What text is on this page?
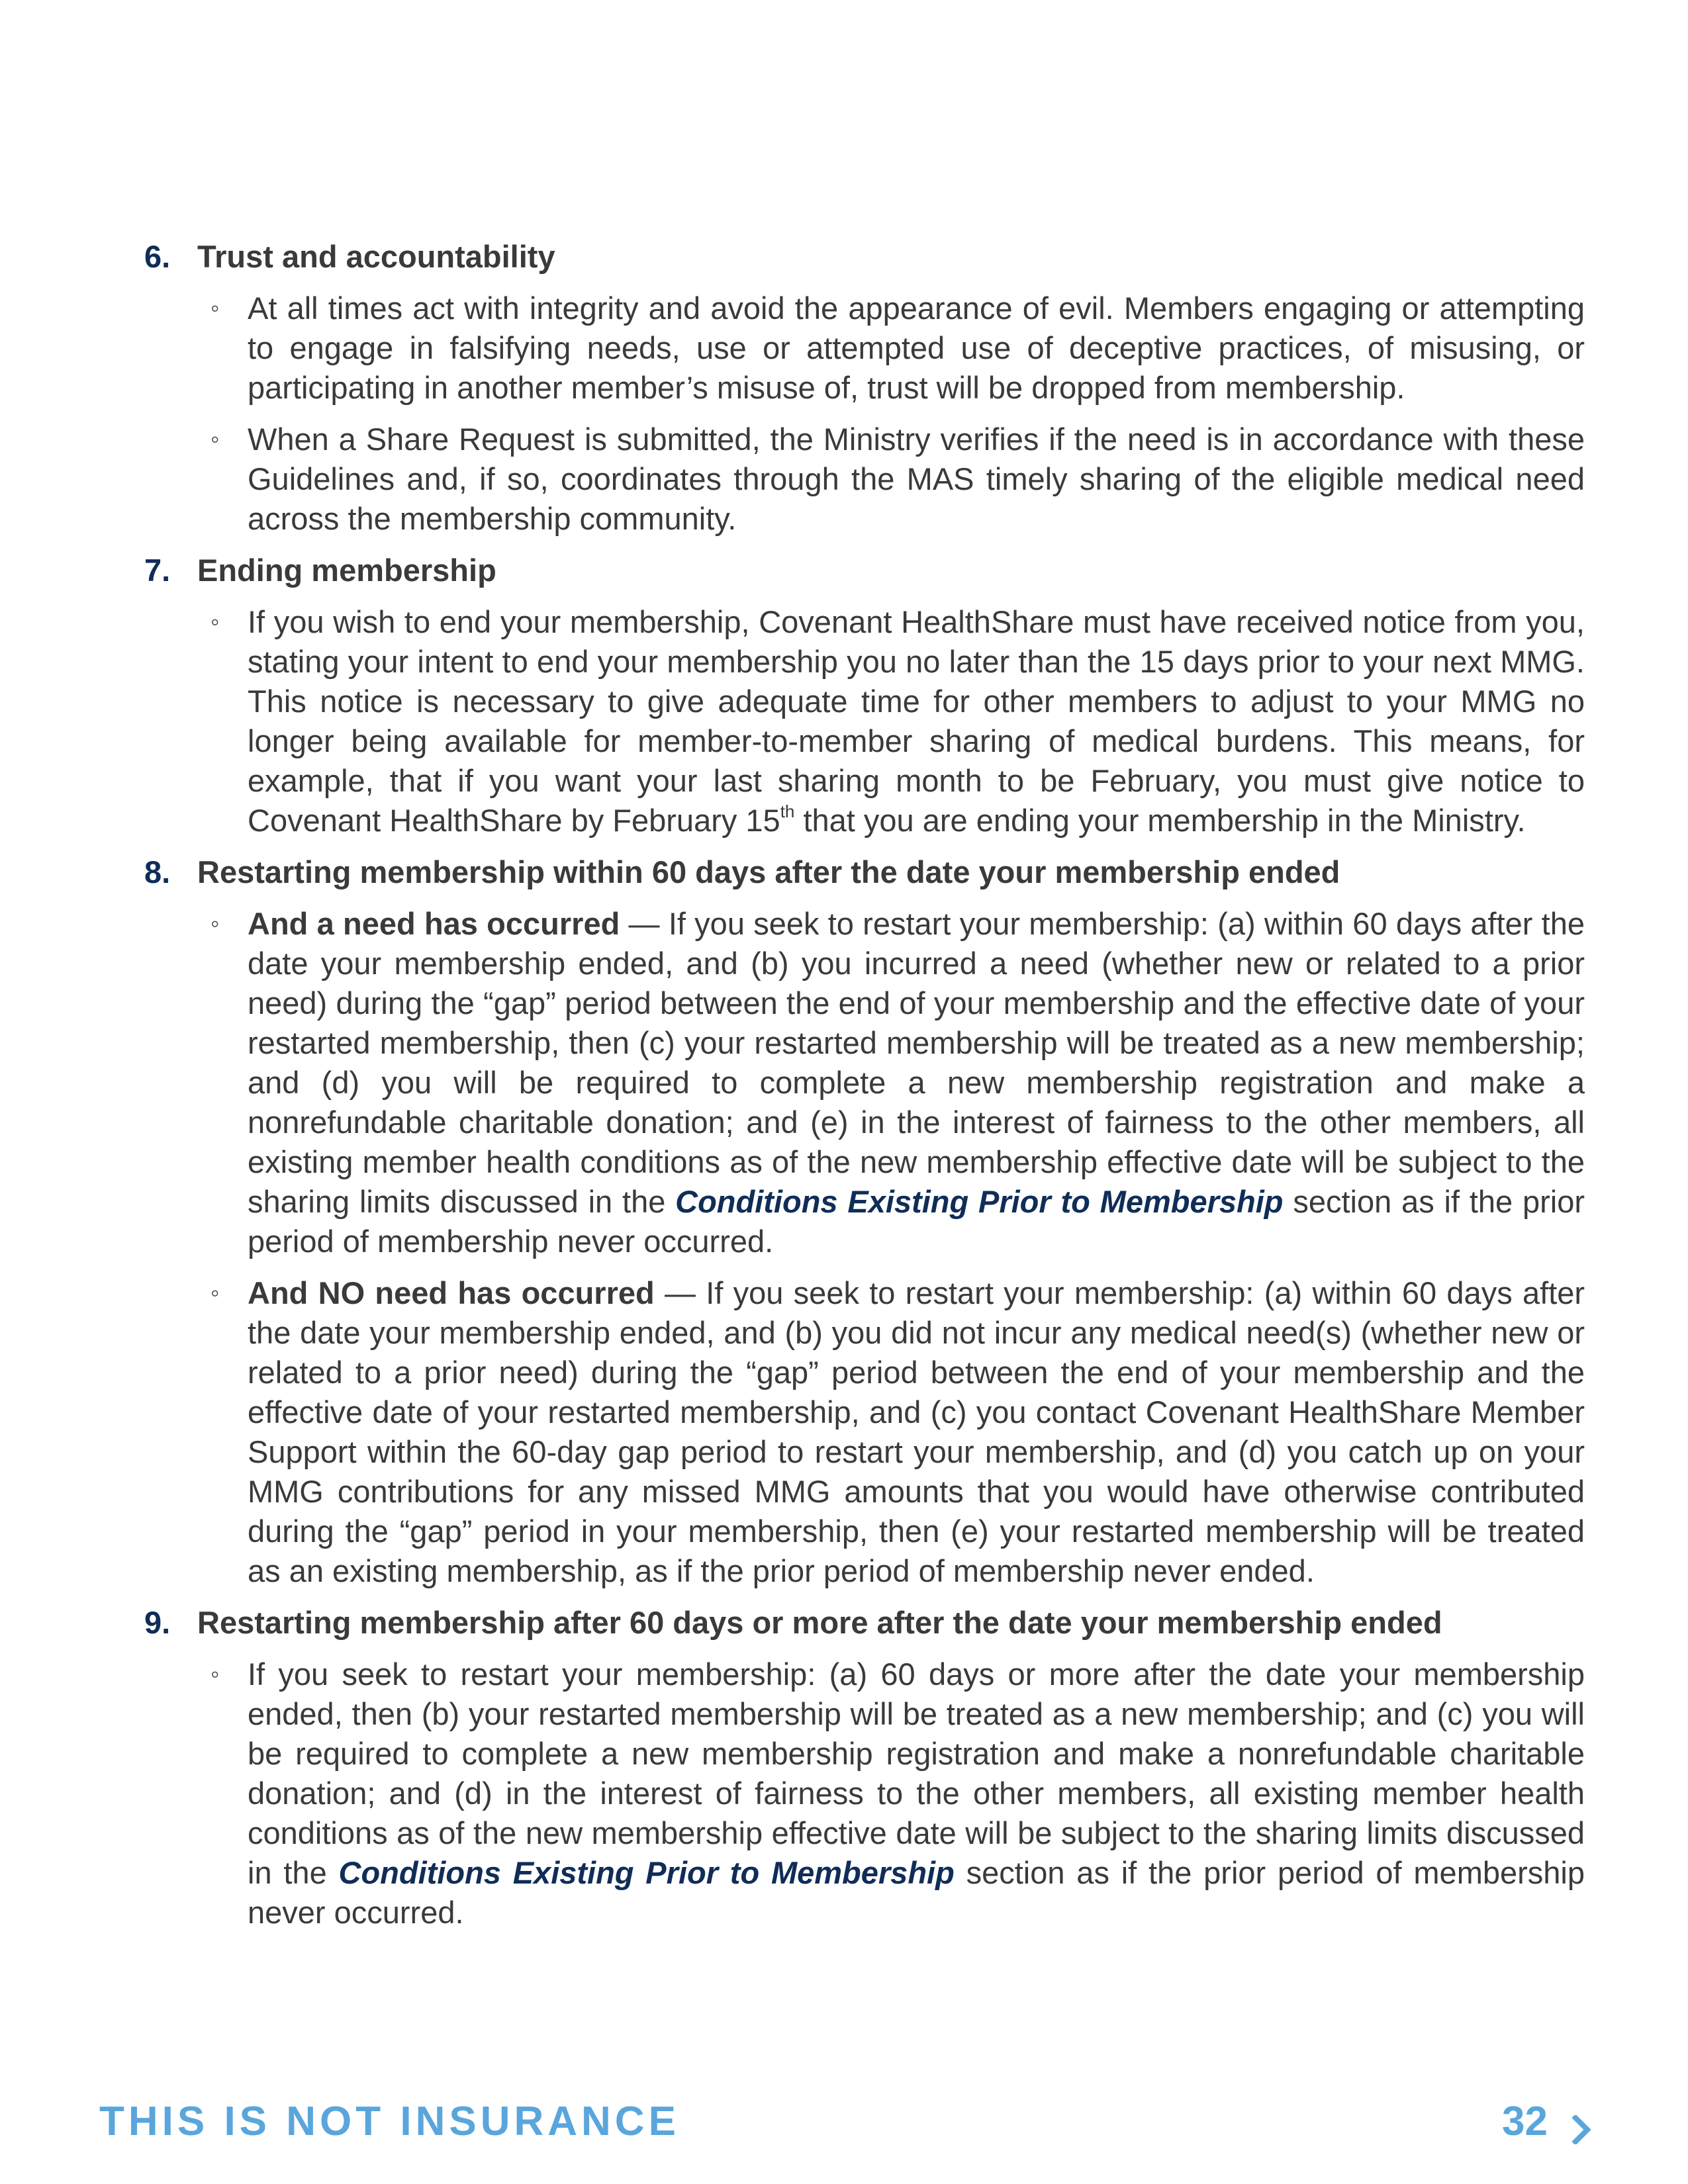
6. Trust and accountability
◦ At all times act with integrity and avoid the appearance of evil. Members engaging or attempting to engage in falsifying needs, use or attempted use of deceptive practices, of misusing, or participating in another member’s misuse of, trust will be dropped from membership.
◦ When a Share Request is submitted, the Ministry verifies if the need is in accordance with these Guidelines and, if so, coordinates through the MAS timely sharing of the eligible medical need across the membership community.
7. Ending membership
◦ If you wish to end your membership, Covenant HealthShare must have received notice from you, stating your intent to end your membership you no later than the 15 days prior to your next MMG. This notice is necessary to give adequate time for other members to adjust to your MMG no longer being available for member-to-member sharing of medical burdens. This means, for example, that if you want your last sharing month to be February, you must give notice to Covenant HealthShare by February 15th that you are ending your membership in the Ministry.
8. Restarting membership within 60 days after the date your membership ended
◦ And a need has occurred — If you seek to restart your membership: (a) within 60 days after the date your membership ended, and (b) you incurred a need (whether new or related to a prior need) during the “gap” period between the end of your membership and the effective date of your restarted membership, then (c) your restarted membership will be treated as a new membership; and (d) you will be required to complete a new membership registration and make a nonrefundable charitable donation; and (e) in the interest of fairness to the other members, all existing member health conditions as of the new membership effective date will be subject to the sharing limits discussed in the Conditions Existing Prior to Membership section as if the prior period of membership never occurred.
◦ And NO need has occurred — If you seek to restart your membership: (a) within 60 days after the date your membership ended, and (b) you did not incur any medical need(s) (whether new or related to a prior need) during the “gap” period between the end of your membership and the effective date of your restarted membership, and (c) you contact Covenant HealthShare Member Support within the 60-day gap period to restart your membership, and (d) you catch up on your MMG contributions for any missed MMG amounts that you would have otherwise contributed during the “gap” period in your membership, then (e) your restarted membership will be treated as an existing membership, as if the prior period of membership never ended.
9. Restarting membership after 60 days or more after the date your membership ended
◦ If you seek to restart your membership: (a) 60 days or more after the date your membership ended, then (b) your restarted membership will be treated as a new membership; and (c) you will be required to complete a new membership registration and make a nonrefundable charitable donation; and (d) in the interest of fairness to the other members, all existing member health conditions as of the new membership effective date will be subject to the sharing limits discussed in the Conditions Existing Prior to Membership section as if the prior period of membership never occurred.
THIS IS NOT INSURANCE	32
